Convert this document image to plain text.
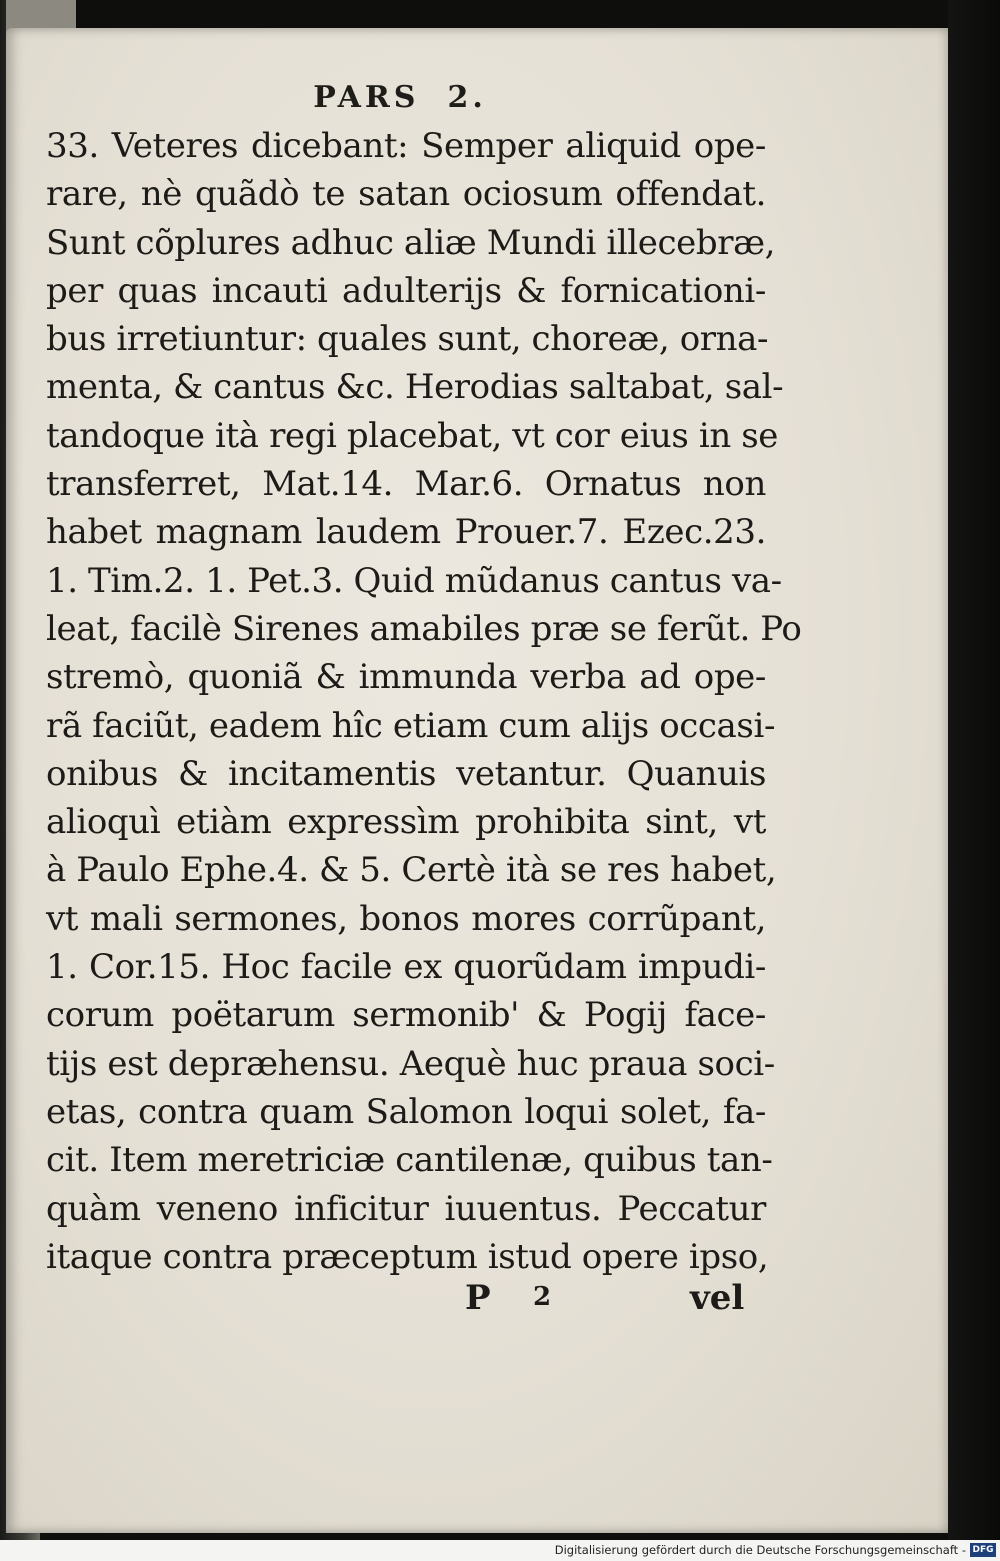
PARS 2.
33. Veteres dicebant: Semper aliquid ope-
rare, nè quãdò te satan ociosum offendat.
Sunt cõplures adhuc aliæ Mundi illecebræ,
per quas incauti adulterijs & fornicationi-
bus irretiuntur: quales sunt, choreæ, orna-
menta, & cantus &c. Herodias saltabat, sal-
tandoque ità regi placebat, vt cor eius in se
transferret, Mat.14. Mar.6. Ornatus non
habet magnam laudem Prouer.7. Ezec.23.
1. Tim.2. 1. Pet.3. Quid mũdanus cantus va-
leat, facilè Sirenes amabiles præ se ferũt. Po
stremò, quoniã & immunda verba ad ope-
rã faciũt, eadem hîc etiam cum alijs occasi-
onibus & incitamentis vetantur. Quanuis
alioquì etiàm expressìm prohibita sint, vt
à Paulo Ephe.4. & 5. Certè ità se res habet,
vt mali sermones, bonos mores corrũpant,
1. Cor.15. Hoc facile ex quorũdam impudi-
corum poëtarum sermonib' & Pogij face-
tijs est depræhensu. Aequè huc praua soci-
etas, contra quam Salomon loqui solet, fa-
cit. Item meretriciæ cantilenæ, quibus tan-
quàm veneno inficitur iuuentus. Peccatur
itaque contra præceptum istud opere ipso,
P 2	vel
Digitalisierung gefördert durch die Deutsche Forschungsgemeinschaft - DFG
